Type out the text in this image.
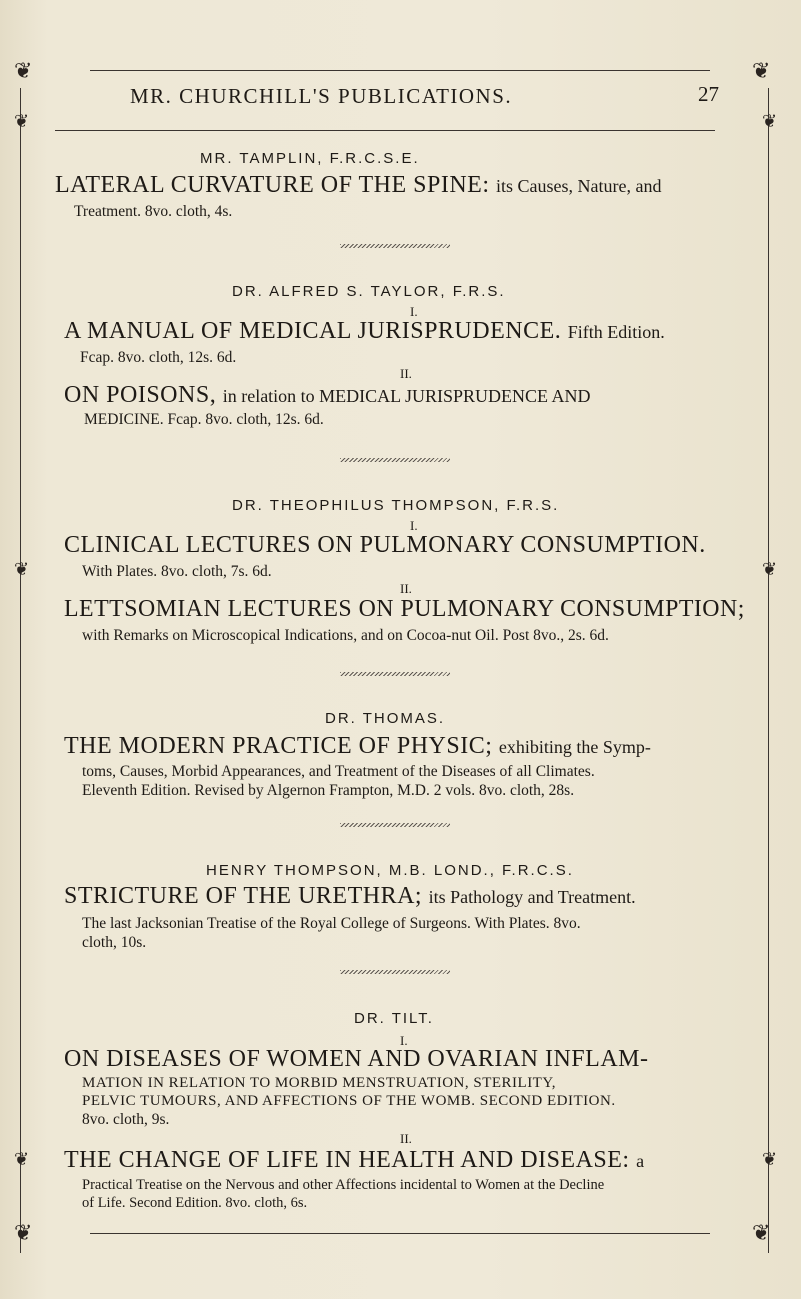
❦	❦
MR. CHURCHILL'S PUBLICATIONS.	27
❦	❦
❦	❦
❦	❦
MR. TAMPLIN, F.R.C.S.E.
LATERAL CURVATURE OF THE SPINE: its Causes, Nature, and
Treatment. 8vo. cloth, 4s.
DR. ALFRED S. TAYLOR, F.R.S.
I.
A MANUAL OF MEDICAL JURISPRUDENCE. Fifth Edition.
Fcap. 8vo. cloth, 12s. 6d.
II.
ON POISONS, in relation to MEDICAL JURISPRUDENCE AND
MEDICINE. Fcap. 8vo. cloth, 12s. 6d.
DR. THEOPHILUS THOMPSON, F.R.S.
I.
CLINICAL LECTURES ON PULMONARY CONSUMPTION.
With Plates. 8vo. cloth, 7s. 6d.
II.
LETTSOMIAN LECTURES ON PULMONARY CONSUMPTION;
with Remarks on Microscopical Indications, and on Cocoa-nut Oil. Post 8vo., 2s. 6d.
DR. THOMAS.
THE MODERN PRACTICE OF PHYSIC; exhibiting the Symp-
toms, Causes, Morbid Appearances, and Treatment of the Diseases of all Climates.
Eleventh Edition. Revised by Algernon Frampton, M.D. 2 vols. 8vo. cloth, 28s.
HENRY THOMPSON, M.B. LOND., F.R.C.S.
STRICTURE OF THE URETHRA; its Pathology and Treatment.
The last Jacksonian Treatise of the Royal College of Surgeons. With Plates. 8vo.
cloth, 10s.
DR. TILT.
I.
ON DISEASES OF WOMEN AND OVARIAN INFLAM-
MATION IN RELATION TO MORBID MENSTRUATION, STERILITY,
PELVIC TUMOURS, AND AFFECTIONS OF THE WOMB. SECOND EDITION.
8vo. cloth, 9s.
II.
THE CHANGE OF LIFE IN HEALTH AND DISEASE: a
Practical Treatise on the Nervous and other Affections incidental to Women at the Decline
of Life. Second Edition. 8vo. cloth, 6s.
❦	❦
